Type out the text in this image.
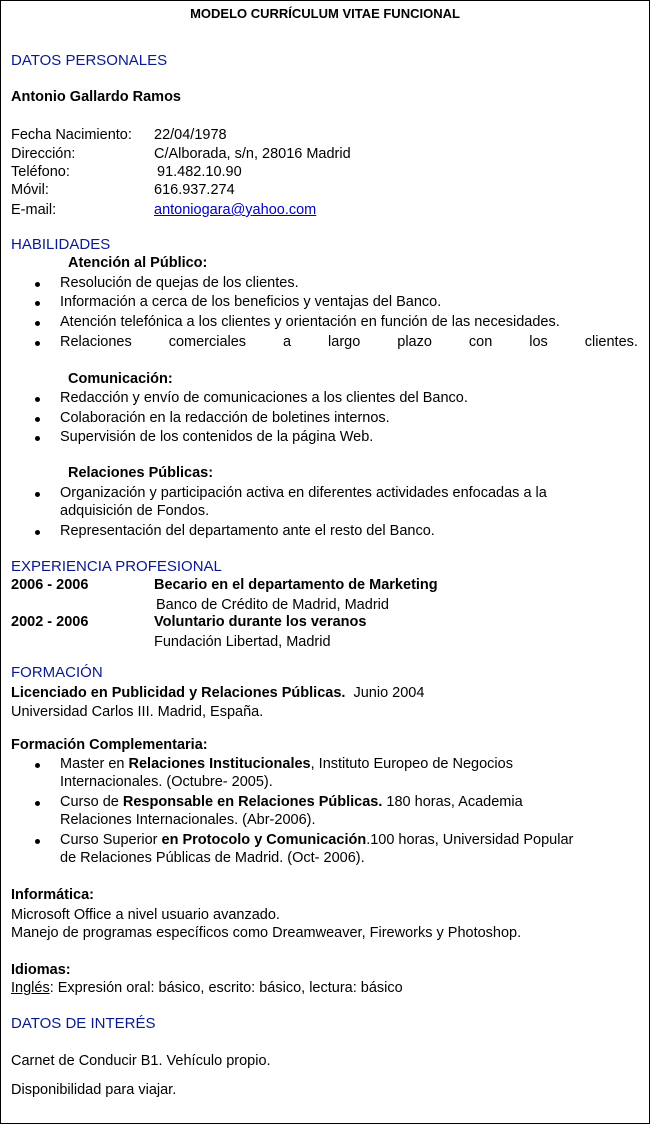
MODELO CURRÍCULUM VITAE FUNCIONAL
DATOS PERSONALES
Antonio Gallardo Ramos
Fecha Nacimiento: 22/04/1978
Dirección:	C/Alborada, s/n, 28016 Madrid
Teléfono:	91.482.10.90
Móvil:	616.937.274
E-mail:	antoniogara@yahoo.com
HABILIDADES
Atención al Público:
Resolución de quejas de los clientes.
Información a cerca de los beneficios y ventajas del Banco.
Atención telefónica a los clientes y orientación en función de las necesidades.
Relaciones	comerciales	a	largo	plazo	con	los	clientes.
Comunicación:
Redacción y envío de comunicaciones a los clientes del Banco.
Colaboración en la redacción de boletines internos.
Supervisión de los contenidos de la página Web.
Relaciones Públicas:
Organización y participación activa en diferentes actividades enfocadas a la
adquisición de Fondos.
Representación del departamento ante el resto del Banco.
EXPERIENCIA PROFESIONAL
2006 - 2006	Becario en el departamento de Marketing
Banco de Crédito de Madrid, Madrid
2002 - 2006	Voluntario durante los veranos
Fundación Libertad, Madrid
FORMACIÓN
Licenciado en Publicidad y Relaciones Públicas. Junio 2004
Universidad Carlos III. Madrid, España.
Formación Complementaria:
Master en Relaciones Institucionales, Instituto Europeo de Negocios
Internacionales. (Octubre- 2005).
Curso de Responsable en Relaciones Públicas. 180 horas, Academia
Relaciones Internacionales. (Abr-2006).
Curso Superior en Protocolo y Comunicación.100 horas, Universidad Popular
de Relaciones Públicas de Madrid. (Oct- 2006).
Informática:
Microsoft Office a nivel usuario avanzado.
Manejo de programas específicos como Dreamweaver, Fireworks y Photoshop.
Idiomas:
Inglés: Expresión oral: básico, escrito: básico, lectura: básico
DATOS DE INTERÉS
Carnet de Conducir B1. Vehículo propio.
Disponibilidad para viajar.
